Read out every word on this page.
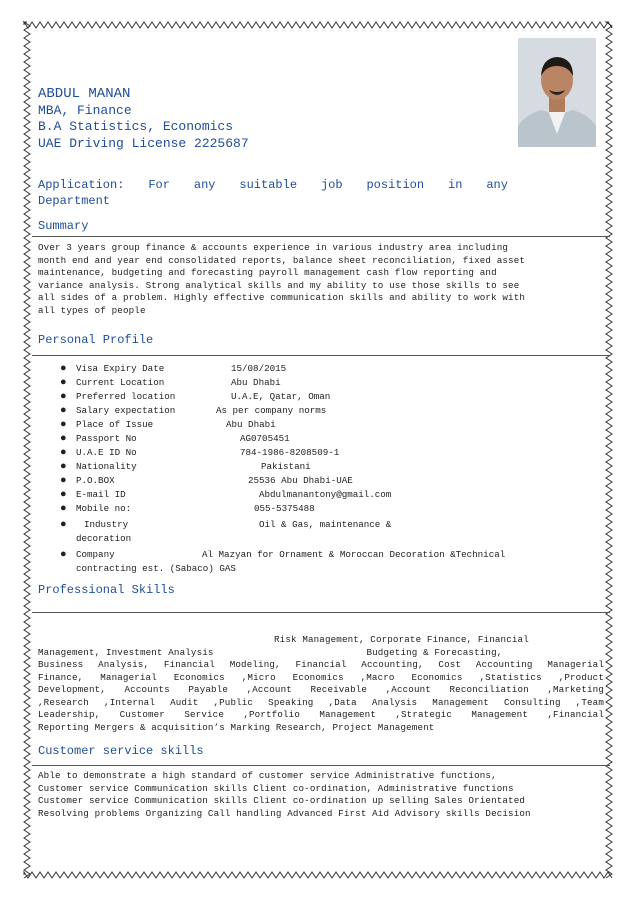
ABDUL MANAN
MBA, Finance
B.A Statistics, Economics
UAE Driving License 2225687
Application: For any suitable job position in any
Department
Summary
Over 3 years group finance & accounts experience in various industry area including
month end and year end consolidated reports, balance sheet reconciliation, fixed asset
maintenance, budgeting and forecasting payroll management cash flow reporting and
variance analysis. Strong analytical skills and my ability to use those skills to see
all sides of a problem. Highly effective communication skills and ability to work with
all types of people
Personal Profile
● Visa Expiry Date	15/08/2015
● Current Location	Abu Dhabi
● Preferred location	U.A.E, Qatar, Oman
● Salary expectation	As per company norms
● Place of Issue	Abu Dhabi
● Passport No	AG0705451
● U.A.E ID No	784-1986-8208509-1
● Nationality	Pakistani
● P.O.BOX	25536 Abu Dhabi-UAE
● E-mail ID	Abdulmanantony@gmail.com
● Mobile no:	055-5375488
● Industry	Oil & Gas, maintenance &
decoration
● Company	Al Mazyan for Ornament & Moroccan Decoration &Technical
contracting est. (Sabaco) GAS
Professional Skills
Risk Management, Corporate Finance, Financial
Management, Investment Analysis                           Budgeting & Forecasting,
Business Analysis, Financial Modeling, Financial Accounting, Cost Accounting Managerial
Finance, Managerial Economics ,Micro Economics ,Macro Economics ,Statistics ,Product
Development, Accounts Payable ,Account Receivable ,Account Reconciliation ,Marketing
,Research ,Internal Audit ,Public Speaking ,Data Analysis Management Consulting ,Team
Leadership, Customer Service ,Portfolio Management ,Strategic Management ,Financial
Reporting Mergers & acquisition’s Marking Research, Project Management
Customer service skills
Able to demonstrate a high standard of customer service Administrative functions,
Customer service Communication skills Client co-ordination, Administrative functions
Customer service Communication skills Client co-ordination up selling Sales Orientated
Resolving problems Organizing Call handling Advanced First Aid Advisory skills Decision
